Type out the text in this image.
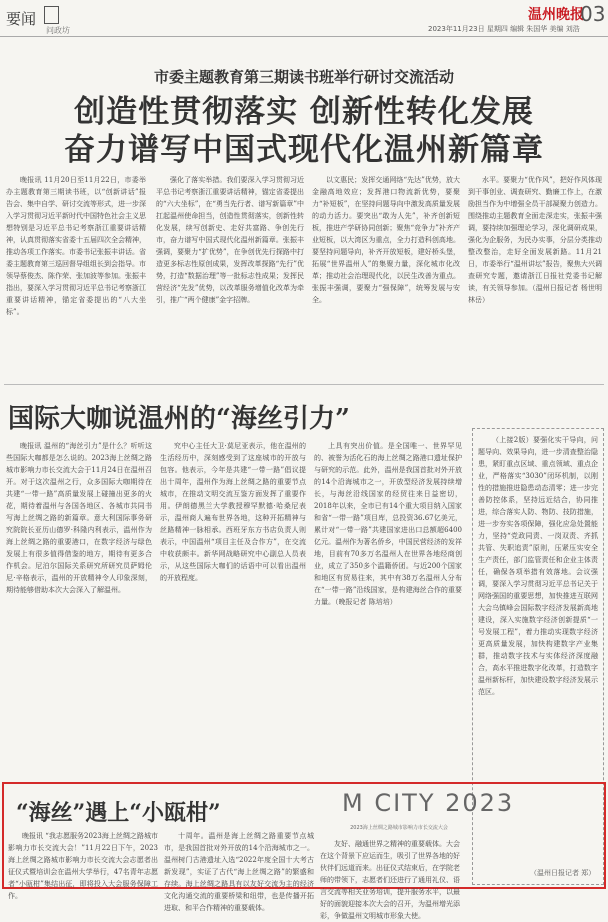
要闻
问政坊
温州晚报
03
2023年11月23日 星期四 编辑 朱国华 美编 刘浩
市委主题教育第三期读书班举行研讨交流活动
创造性贯彻落实 创新性转化发展
奋力谱写中国式现代化温州新篇章

晚报讯 11月20日至11月22日，市委举办主题教育第三期读书班，以“创新讲话”报告会、集中自学、研讨交流等形式，进一步深入学习贯彻习近平新时代中国特色社会主义思想特别是习近平总书记考察浙江重要讲话精神，认真贯彻落实省委十五届四次全会精神，推动各项工作落实。市委书记张振丰讲话。省委主题教育第三巡回督导组组长到会指导。市领导蔡俊杰、陈作荣、张加波等参加。张振丰指出，要深入学习贯彻习近平总书记考察浙江重要讲话精神，锚定省委提出的“八大坐标”。

强化了落实举措。我们要深入学习贯彻习近平总书记考察浙江重要讲话精神，锚定省委提出的“六大坐标”，在“勇当先行者、谱写新篇章”中扛起温州使命担当，创造性贯彻落实，创新性转化发展，续写创新史、走好共富路、争创先行市，奋力谱写中国式现代化温州新篇章。张振丰强调，要聚力“扩优势”，在争创优先行探路中打造更多标志性原创成果，发挥改革探路“先行”优势，打造“数据治理”等一批标志性成果；发挥民营经济“先发”优势，以改革服务增值化改革为牵引，推广“两个健康”金字招牌。

以文惠民；发挥交通网络“先达”优势，放大金融高地效应；发挥港口物流新优势，要聚力“补短板”，在坚持问题导向中激发高质量发展的动力活力。要突出“敢为人先”，补齐创新短板，推进产学研协同创新；聚焦“竞争力”补齐产业短板，以大湾区为重点，全力打造科创高地。要坚持问题导向，补齐开放短板，建好桥头堡，拓展“世界温州人”的集聚力量，深化城市化改革；推动社会治理现代化，以民生改善为重点。张振丰强调，要聚力“强保障”，统筹发展与安全。

水平。要聚力“优作风”，把好作风体现到干事创业、调查研究、勤廉工作上，在激励担当作为中增强全员干部凝聚力创造力。围绕推动主题教育全面走深走实，张振丰强调，要持续加强理论学习，深化调研成果，强化为企服务，为民办实事，分层分类推动整改整治，走好全面发展新路。11月21日，市委举行“温州讲坛”报告，聚焦大兴调查研究专题，邀请浙江日报社党委书记解读，有关领导参加。（温州日报记者 杨世明 林岳）

国际大咖说温州的“海丝引力”

晚报讯 温州的“海丝引力”是什么？听听这些国际大咖都是怎么说的。2023海上丝绸之路城市影响力市长交流大会于11月24日在温州召开。对于这次温州之行，众多国际大咖期待在共建“一带一路”高质量发展上碰撞出更多的火花，期待着温州与各国各地区、各城市共同书写海上丝绸之路的新篇章。意大利国际事务研究院院长亚历山德罗·科隆内利表示，温州作为海上丝绸之路的重要港口，在数字经济与绿色发展上有很多值得借鉴的地方，期待有更多合作机会。尼泊尔国际关系研究所研究员萨姆伦尼·辛格表示，温州的开放精神令人印象深刻，期待能够借助本次大会深入了解温州。

究中心主任大卫·莫尼亚表示，他在温州的生活经历中，深刻感受到了这座城市的开放与包容。他表示，今年是共建“一带一路”倡议提出十周年，温州作为海上丝绸之路的重要节点城市，在推动文明交流互鉴方面发挥了重要作用。伊朗德黑兰大学教授穆罕默德·哈桑尼表示，温州商人遍布世界各地，这种开拓精神与丝路精神一脉相承。西班牙东方书店负责人则表示，中国温州“项目主任及合作方”，在交流中收获颇丰。新华网战略研究中心副总人员表示，从这些国际大咖们的话语中可以看出温州的开放程度。

上具有突出价值。是全国唯一、世界罕见的、被誉为活化石的海上丝绸之路港口遗址保护与研究的示范。此外，温州是我国首批对外开放的14个沿海城市之一，开放型经济发展持续增长，与海丝沿线国家的经贸往来日益密切，2018年以来，全市已有14个重大项目纳入国家和省“一带一路”项目库，总投资36.67亿美元，累计对“一带一路”共建国家进出口总额超6400亿元。温州作为著名侨乡，中国民营经济的发祥地，目前有70多万名温州人在世界各地经商创业，成立了350多个温籍侨团。与近200个国家和地区有贸易往来，其中有38万名温州人分布在“一带一路”沿线国家，是构建海丝合作的重要力量。（晚报记者 陈培培）

（上接2版）要强化实干导向，问题导向、效果导向，进一步清查整治隐患，紧盯重点区域、重点领域、重点企业，严格落实“3030”闭环机制，以刚性的措施推进隐患动态清零；进一步完善防控体系，坚持远近结合，协同推进，综合落实人防、物防、技防措施，进一步夯实各项保障，强化应急处置能力，坚持“党政同责、一岗双责、齐抓共管、失职追责”原则，压紧压实安全生产责任，部门监管责任和企业主体责任，确保各项举措有效落地。会议强调，要深入学习贯彻习近平总书记关于网络强国的重要思想，加快推进互联网大会乌镇峰会国际数字经济发展新高地建设，深入实施数字经济创新提质“一号发展工程”，着力推动实现数字经济更高质量发展，加快构建数字产业集群，推动数字技术与实体经济深度融合，高水平推进数字化改革，打造数字温州新标杆，加快建设数字经济发展示范区。

（温州日报记者 郑）
“海丝”遇上“小瓯柑”	M CITY 2023
2023海上丝绸之路城市影响力市长交流大会

晚报讯 “我志愿服务2023海上丝绸之路城市影响力市长交流大会！”11月22日下午，2023海上丝绸之路城市影响力市长交流大会志愿者出征仪式暨培训会在温州大学举行，47名青年志愿者“小瓯柑”集结出征，即将投入大会服务保障工作。

十周年。温州是海上丝绸之路重要节点城市，是我国首批对外开放的14个沿海城市之一。温州树门古港遗址入选“2022年度全国十大考古新发现”，实证了古代“海上丝绸之路”的繁盛和存续。海上丝绸之路具有以友好交流为主的经济文化沟通交流的重要桥梁和纽带，也是传播开拓进取、和平合作精神的重要载体。

友好、融通世界之精神的重要载体。大会在这个背景下应运而生，吸引了世界各地的好伙伴们远道而来。出征仪式结束后，在学院老师的带领下，志愿者们还进行了通用礼仪、语言交流等相关业务培训，提升服务水平，以最好的面貌迎接本次大会的召开，为温州增光添彩，争做温州文明城市形象大使。
